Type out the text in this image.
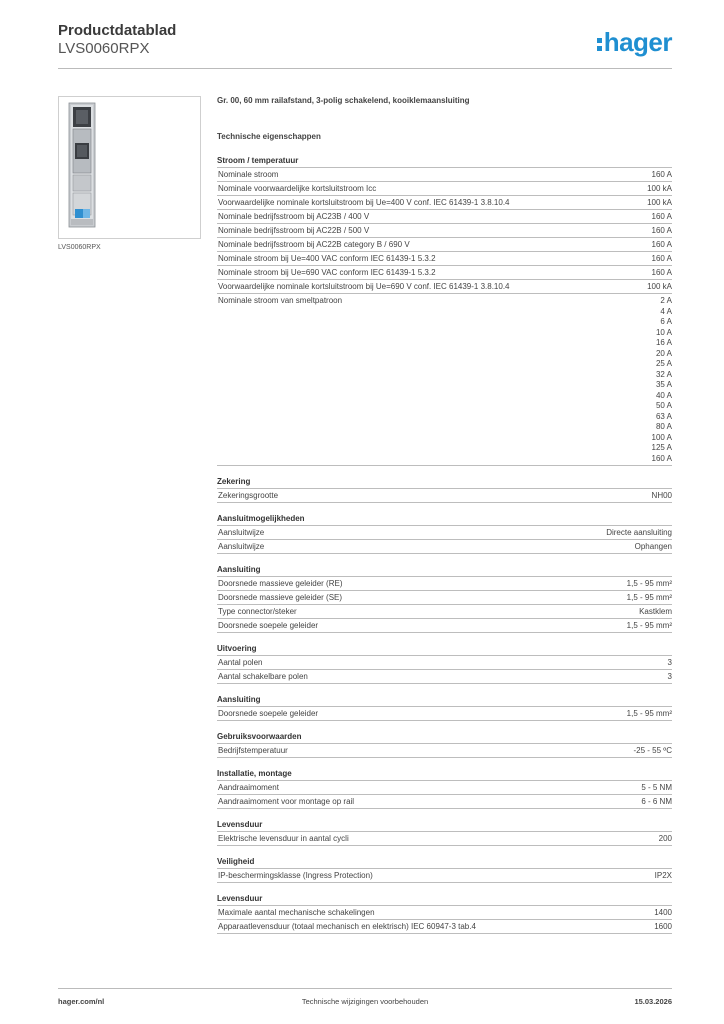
Productdatablad
LVS0060RPX	hager
LVS0060RPX
Gr. 00, 60 mm railafstand, 3-polig schakelend, kooiklemaansluiting
Technische eigenschappen
Stroom / temperatuur
Nominale stroom	160 A
Nominale voorwaardelijke kortsluitstroom Icc	100 kA
Voorwaardelijke nominale kortsluitstroom bij Ue=400 V conf. IEC 61439-1 3.8.10.4	100 kA
Nominale bedrijfsstroom bij AC23B / 400 V	160 A
Nominale bedrijfsstroom bij AC22B / 500 V	160 A
Nominale bedrijfsstroom bij AC22B category B / 690 V	160 A
Nominale stroom bij Ue=400 VAC conform IEC 61439-1 5.3.2	160 A
Nominale stroom bij Ue=690 VAC conform IEC 61439-1 5.3.2	160 A
Voorwaardelijke nominale kortsluitstroom bij Ue=690 V conf. IEC 61439-1 3.8.10.4	100 kA
Nominale stroom van smeltpatroon	2 A
4 A
6 A
10 A
16 A
20 A
25 A
32 A
35 A
40 A
50 A
63 A
80 A
100 A
125 A
160 A
Zekering
Zekeringsgrootte	NH00
Aansluitmogelijkheden
Aansluitwijze	Directe aansluiting
Aansluitwijze	Ophangen
Aansluiting
Doorsnede massieve geleider (RE)	1,5 - 95 mm²
Doorsnede massieve geleider (SE)	1,5 - 95 mm²
Type connector/steker	Kastklem
Doorsnede soepele geleider	1,5 - 95 mm²
Uitvoering
Aantal polen	3
Aantal schakelbare polen	3
Aansluiting
Doorsnede soepele geleider	1,5 - 95 mm²
Gebruiksvoorwaarden
Bedrijfstemperatuur	-25 - 55 ºC
Installatie, montage
Aandraaimoment	5 - 5 NM
Aandraaimoment voor montage op rail	6 - 6 NM
Levensduur
Elektrische levensduur in aantal cycli	200
Veiligheid
IP-beschermingsklasse (Ingress Protection)	IP2X
Levensduur
Maximale aantal mechanische schakelingen	1400
Apparaatlevensduur (totaal mechanisch en elektrisch) IEC 60947-3 tab.4	1600
hager.com/nl	Technische wijzigingen voorbehouden	15.03.2026
